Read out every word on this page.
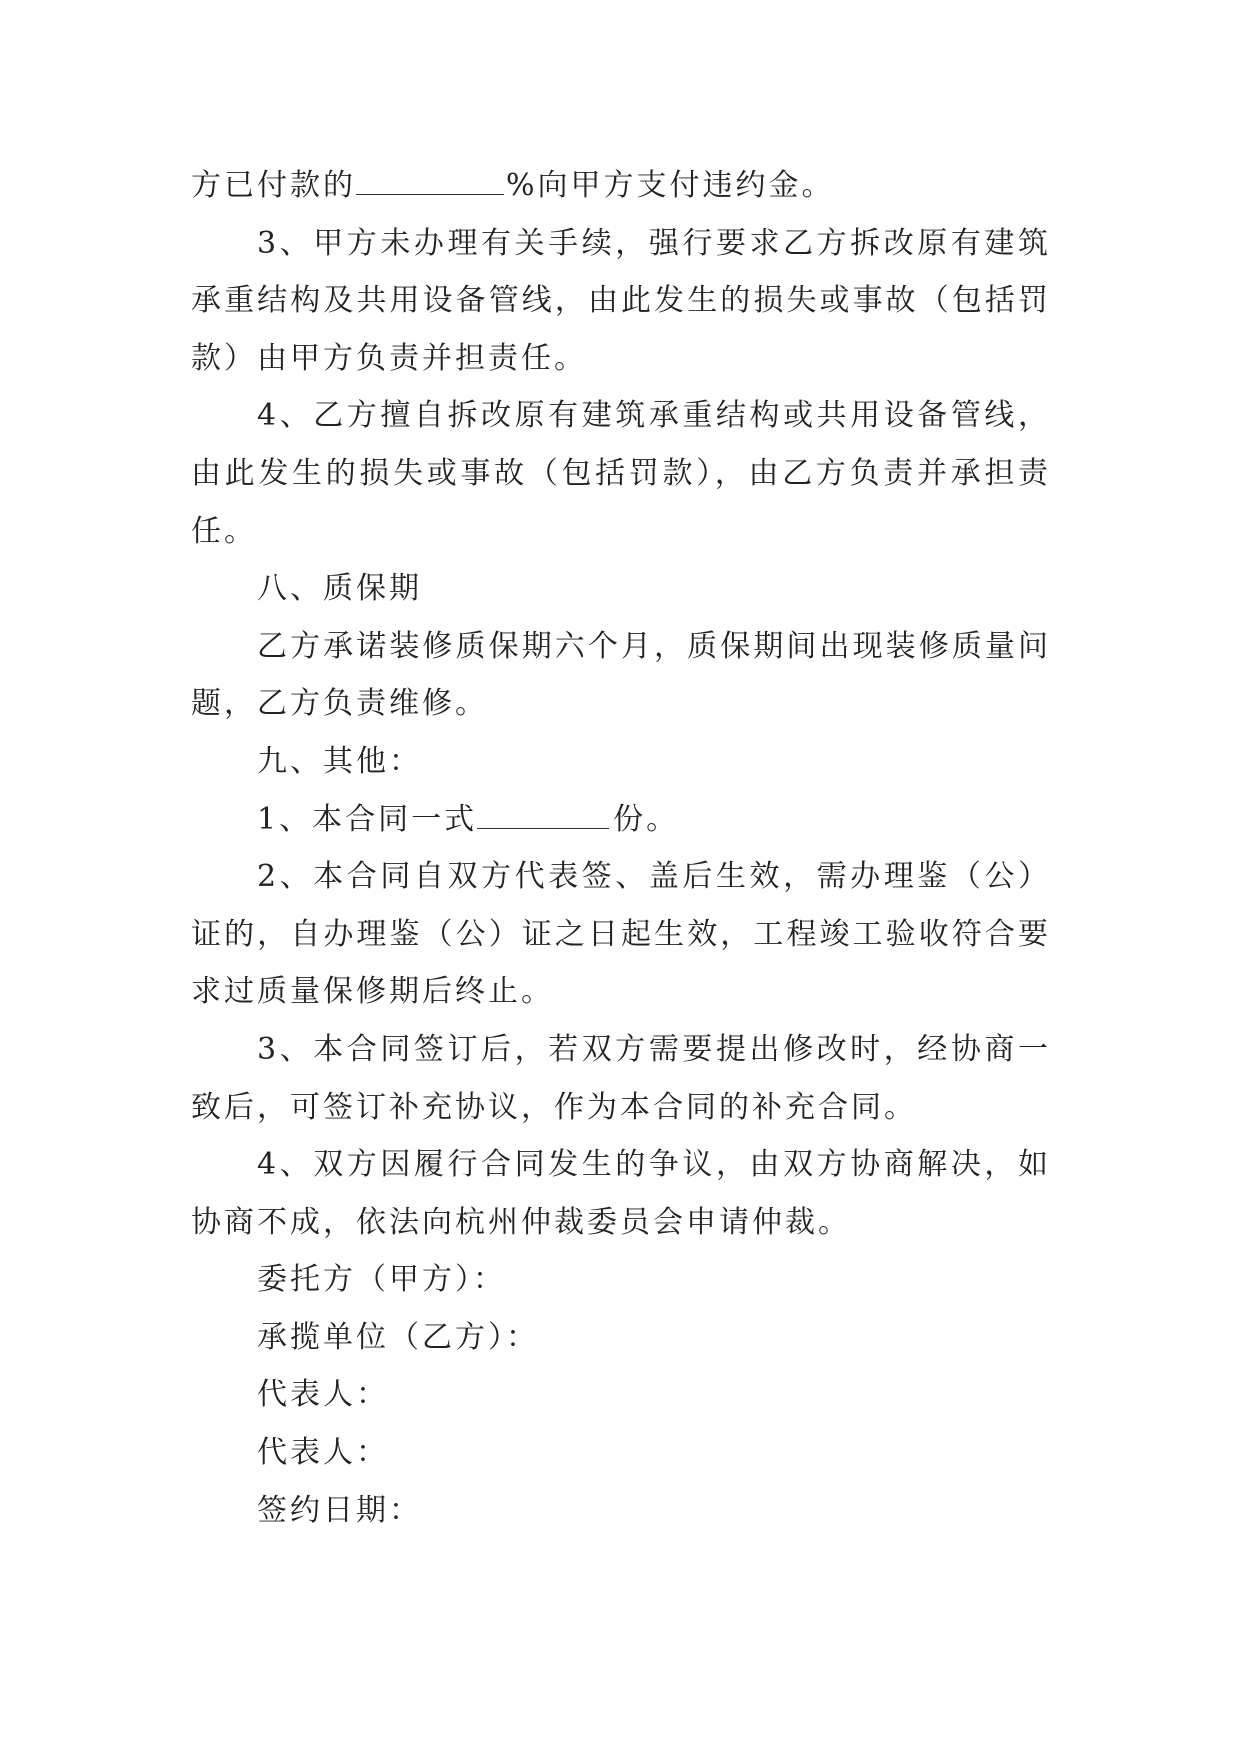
方已付款的	%向甲方支付违约金。

3、甲方未办理有关手续，强行要求乙方拆改原有建筑承重结构及共用设备管线，由此发生的损失或事故（包括罚款）由甲方负责并担责任。

4、乙方擅自拆改原有建筑承重结构或共用设备管线，由此发生的损失或事故（包括罚款），由乙方负责并承担责任。

八、质保期

乙方承诺装修质保期六个月，质保期间出现装修质量问题，乙方负责维修。

九、其他：

1、本合同一式	份。

2、本合同自双方代表签、盖后生效，需办理鉴（公）证的，自办理鉴（公）证之日起生效，工程竣工验收符合要求过质量保修期后终止。

3、本合同签订后，若双方需要提出修改时，经协商一致后，可签订补充协议，作为本合同的补充合同。

4、双方因履行合同发生的争议，由双方协商解决，如协商不成，依法向杭州仲裁委员会申请仲裁。

委托方（甲方）：

承揽单位（乙方）：

代表人：

代表人：

签约日期：
